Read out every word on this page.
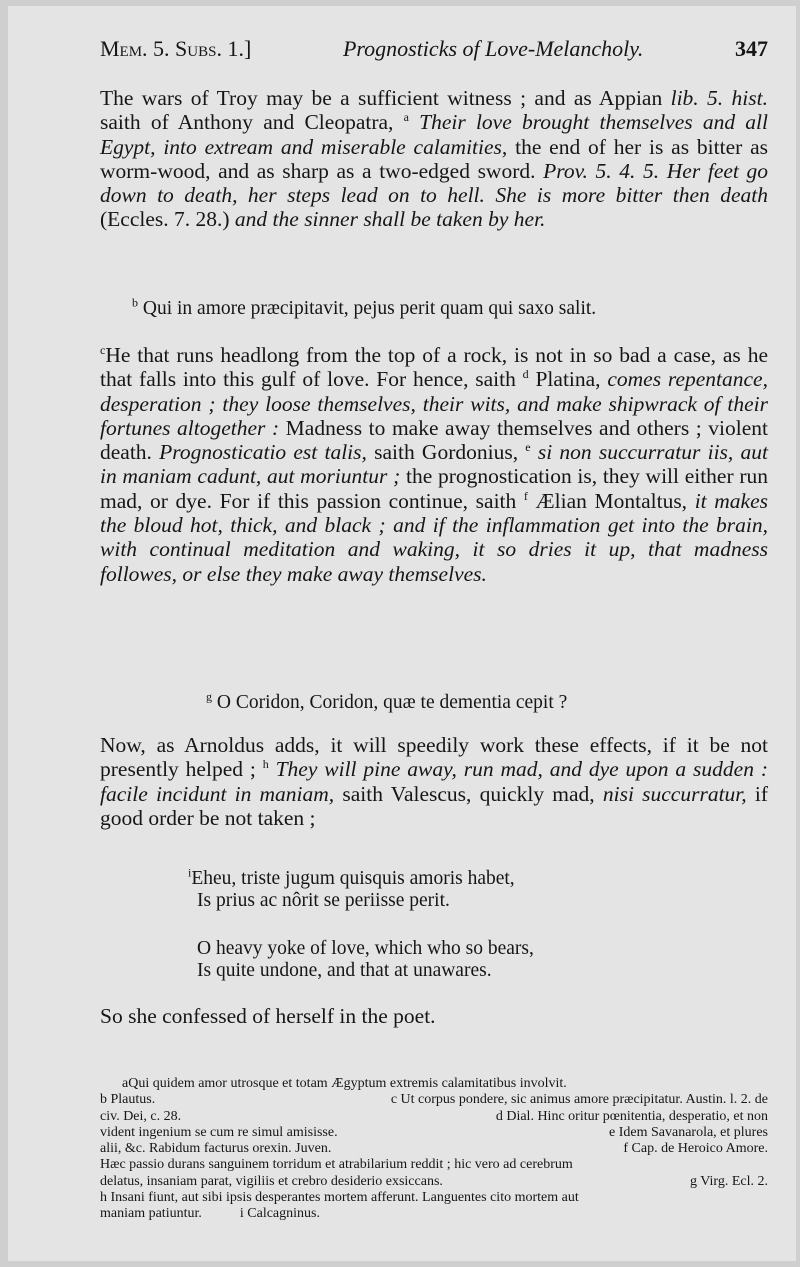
Mem. 5. Subs. 1.]	Prognosticks of Love-Melancholy.	347
The wars of Troy may be a sufficient witness ; and as Appian lib. 5. hist. saith of Anthony and Cleopatra, $^a$ Their love brought themselves and all Egypt, into extream and miserable calamities, the end of her is as bitter as worm-wood, and as sharp as a two-edged sword. Prov. 5. 4. 5. Her feet go down to death, her steps lead on to hell. She is more bitter then death (Eccles. 7. 28.) and the sinner shall be taken by her.
$^b$ Qui in amore præcipitavit, pejus perit quam qui saxo salit.
$^c$He that runs headlong from the top of a rock, is not in so bad a case, as he that falls into this gulf of love. For hence, saith $^d$ Platina, comes repentance, desperation ; they loose themselves, their wits, and make shipwrack of their fortunes altogether : Madness to make away themselves and others ; violent death. Prognosticatio est talis, saith Gordonius, $^e$ si non succurratur iis, aut in maniam cadunt, aut moriuntur ; the prognostication is, they will either run mad, or dye. For if this passion continue, saith $^f$ Ælian Montaltus, it makes the bloud hot, thick, and black ; and if the inflammation get into the brain, with continual meditation and waking, it so dries it up, that madness followes, or else they make away themselves.
$^g$ O Coridon, Coridon, quæ te dementia cepit ?
Now, as Arnoldus adds, it will speedily work these effects, if it be not presently helped ; $^h$ They will pine away, run mad, and dye upon a sudden : facile incidunt in maniam, saith Valescus, quickly mad, nisi succurratur, if good order be not taken ;
$^i$Eheu, triste jugum quisquis amoris habet,
Is prius ac nôrit se periisse perit.
O heavy yoke of love, which who so bears,
Is quite undone, and that at unawares.
So she confessed of herself in the poet.
aQui quidem amor utrosque et totam Ægyptum extremis calamitatibus involvit.
b Plautus.	c Ut corpus pondere, sic animus amore præcipitatur. Austin. l. 2. de
civ. Dei, c. 28.	d Dial. Hinc oritur pœnitentia, desperatio, et non
vident ingenium se cum re simul amisisse.	e Idem Savanarola, et plures
alii, &c. Rabidum facturus orexin. Juven.	f Cap. de Heroico Amore.
Hæc passio durans sanguinem torridum et atrabilarium reddit ; hic vero ad cerebrum
delatus, insaniam parat, vigiliis et crebro desiderio exsiccans.	g Virg. Ecl. 2.
h Insani fiunt, aut sibi ipsis desperantes mortem afferunt. Languentes cito mortem aut
maniam patiuntur.	i Calcagninus.
